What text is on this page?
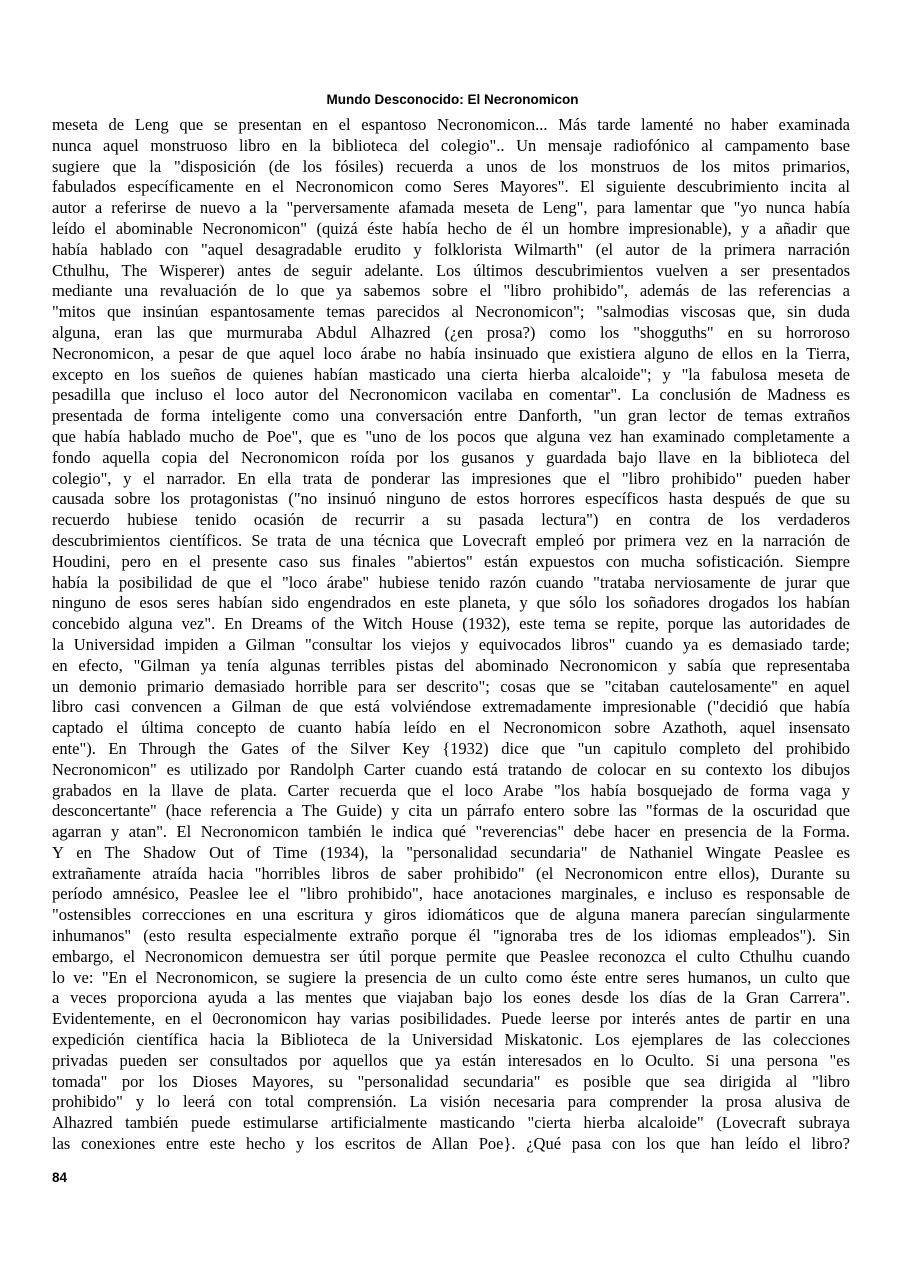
Mundo Desconocido: El Necronomicon
meseta de Leng que se presentan en el espantoso Necronomicon... Más tarde lamenté no haber examinada
nunca aquel monstruoso libro en la biblioteca del colegio".. Un mensaje radiofónico al campamento base
sugiere que la "disposición (de los fósiles) recuerda a unos de los monstruos de los mitos primarios,
fabulados específicamente en el Necronomicon como Seres Mayores". El siguiente descubrimiento incita al
autor a referirse de nuevo a la "perversamente afamada meseta de Leng", para lamentar que "yo nunca había
leído el abominable Necronomicon" (quizá éste había hecho de él un hombre impresionable), y a añadir que
había hablado con "aquel desagradable erudito y folklorista Wilmarth" (el autor de la primera narración
Cthulhu, The Wisperer) antes de seguir adelante. Los últimos descubrimientos vuelven a ser presentados
mediante una revaluación de lo que ya sabemos sobre el "libro prohibido", además de las referencias a
"mitos que insinúan espantosamente temas parecidos al Necronomicon"; "salmodias viscosas que, sin duda
alguna, eran las que murmuraba Abdul Alhazred (¿en prosa?) como los "shogguths" en su horroroso
Necronomicon, a pesar de que aquel loco árabe no había insinuado que existiera alguno de ellos en la Tierra,
excepto en los sueños de quienes habían masticado una cierta hierba alcaloide"; y "la fabulosa meseta de
pesadilla que incluso el loco autor del Necronomicon vacilaba en comentar". La conclusión de Madness es
presentada de forma inteligente como una conversación entre Danforth, "un gran lector de temas extraños
que había hablado mucho de Poe", que es "uno de los pocos que alguna vez han examinado completamente a
fondo aquella copia del Necronomicon roída por los gusanos y guardada bajo llave en la biblioteca del
colegio", y el narrador. En ella trata de ponderar las impresiones que el "libro prohibido" pueden haber
causada sobre los protagonistas ("no insinuó ninguno de estos horrores específicos hasta después de que su
recuerdo hubiese tenido ocasión de recurrir a su pasada lectura") en contra de los verdaderos
descubrimientos científicos. Se trata de una técnica que Lovecraft empleó por primera vez en la narración de
Houdini, pero en el presente caso sus finales "abiertos" están expuestos con mucha sofisticación. Siempre
había la posibilidad de que el "loco árabe" hubiese tenido razón cuando "trataba nerviosamente de jurar que
ninguno de esos seres habían sido engendrados en este planeta, y que sólo los soñadores drogados los habían
concebido alguna vez". En Dreams of the Witch House (1932), este tema se repite, porque las autoridades de
la Universidad impiden a Gilman "consultar los viejos y equivocados libros" cuando ya es demasiado tarde;
en efecto, "Gilman ya tenía algunas terribles pistas del abominado Necronomicon y sabía que representaba
un demonio primario demasiado horrible para ser descrito"; cosas que se "citaban cautelosamente" en aquel
libro casi convencen a Gilman de que está volviéndose extremadamente impresionable ("decidió que había
captado el última concepto de cuanto había leído en el Necronomicon sobre Azathoth, aquel insensato
ente"). En Through the Gates of the Silver Key {1932) dice que "un capitulo completo del prohibido
Necronomicon" es utilizado por Randolph Carter cuando está tratando de colocar en su contexto los dibujos
grabados en la llave de plata. Carter recuerda que el loco Arabe "los había bosquejado de forma vaga y
desconcertante" (hace referencia a The Guide) y cita un párrafo entero sobre las "formas de la oscuridad que
agarran y atan". El Necronomicon también le indica qué "reverencias" debe hacer en presencia de la Forma.
Y en The Shadow Out of Time (1934), la "personalidad secundaria" de Nathaniel Wingate Peaslee es
extrañamente atraída hacia "horribles libros de saber prohibido" (el Necronomicon entre ellos), Durante su
período amnésico, Peaslee lee el "libro prohibido", hace anotaciones marginales, e incluso es responsable de
"ostensibles correcciones en una escritura y giros idiomáticos que de alguna manera parecían singularmente
inhumanos" (esto resulta especialmente extraño porque él "ignoraba tres de los idiomas empleados"). Sin
embargo, el Necronomicon demuestra ser útil porque permite que Peaslee reconozca el culto Cthulhu cuando
lo ve: "En el Necronomicon, se sugiere la presencia de un culto como éste entre seres humanos, un culto que
a veces proporciona ayuda a las mentes que viajaban bajo los eones desde los días de la Gran Carrera".
Evidentemente, en el 0ecronomicon hay varias posibilidades. Puede leerse por interés antes de partir en una
expedición científica hacia la Biblioteca de la Universidad Miskatonic. Los ejemplares de las colecciones
privadas pueden ser consultados por aquellos que ya están interesados en lo Oculto. Si una persona "es
tomada" por los Dioses Mayores, su "personalidad secundaria" es posible que sea dirigida al "libro
prohibido" y lo leerá con total comprensión. La visión necesaria para comprender la prosa alusiva de
Alhazred también puede estimularse artificialmente masticando "cierta hierba alcaloide" (Lovecraft subraya
las conexiones entre este hecho y los escritos de Allan Poe}. ¿Qué pasa con los que han leído el libro?
84
